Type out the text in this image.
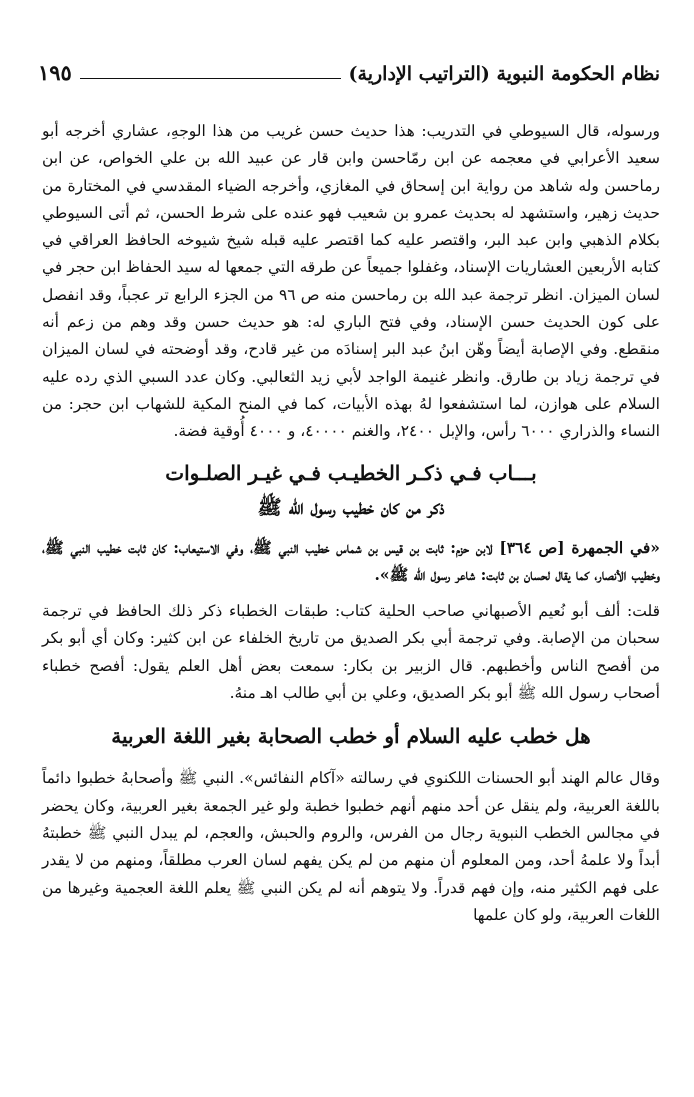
نظام الحكومة النبوية (التراتيب الإدارية)
١٩٥

ورسوله، قال السيوطي في التدريب: هذا حديث حسن غريب من هذا الوجهِ، عشاري أخرجه أبو سعيد الأعرابي في معجمه عن ابن رمّاحسن وابن قار عن عبيد الله بن علي الخواص، عن ابن رماحسن وله شاهد من رواية ابن إسحاق في المغازي، وأخرجه الضياء المقدسي في المختارة من حديث زهير، واستشهد له بحديث عمرو بن شعيب فهو عنده على شرط الحسن، ثم أتى السيوطي بكلام الذهبي وابن عبد البر، واقتصر عليه كما اقتصر عليه قبله شيخ شيوخه الحافظ العراقي في كتابه الأربعين العشاريات الإسناد، وغفلوا جميعاً عن طرقه التي جمعها له سيد الحفاظ ابن حجر في لسان الميزان. انظر ترجمة عبد الله بن رماحسن منه ص ٩٦ من الجزء الرابع تر عجباً، وقد انفصل على كون الحديث حسن الإسناد، وفي فتح الباري له: هو حديث حسن وقد وهم من زعم أنه منقطع. وفي الإصابة أيضاً وهّن ابنُ عبد البر إسنادَه من غير قادح، وقد أوضحته في لسان الميزان في ترجمة زياد بن طارق. وانظر غنيمة الواجد لأبي زيد الثعالبي. وكان عدد السبي الذي رده عليه السلام على هوازن، لما استشفعوا لهُ بهذه الأبيات، كما في المنح المكية للشهاب ابن حجر: من النساء والذراري ٦٠٠٠ رأس، والإبل ٢٤٠٠، والغنم ٤٠٠٠٠، و ٤٠٠٠ أُوقية فضة.

بـــاب فـي ذكـر الخطيـب فـي غيـر الصلـوات
ذكر من كان خطيب رسول الله ﷺ

«في الجمهرة [ص ٣٦٤] لابن حزم: ثابت بن قيس بن شماس خطيب النبي ﷺ، وفي الاستيعاب: كان ثابت خطيب النبي ﷺ، وخطيب الأنصار، كما يقال لحسان بن ثابت: شاعر رسول الله ﷺ».

قلت: ألف أبو نُعيم الأصبهاني صاحب الحلية كتاب: طبقات الخطباء ذكر ذلك الحافظ في ترجمة سحبان من الإصابة. وفي ترجمة أبي بكر الصديق من تاريخ الخلفاء عن ابن كثير: وكان أي أبو بكر من أفصح الناس وأخطبهم. قال الزبير بن بكار: سمعت بعض أهل العلم يقول: أفصح خطباء أصحاب رسول الله ﷺ أبو بكر الصديق، وعلي بن أبي طالب اهـ منهُ.

هل خطب عليه السلام أو خطب الصحابة بغير اللغة العربية

وقال عالم الهند أبو الحسنات اللكنوي في رسالته «آكام النفائس». النبي ﷺ وأصحابهُ خطبوا دائماً باللغة العربية، ولم ينقل عن أحد منهم أنهم خطبوا خطبة ولو غير الجمعة بغير العربية، وكان يحضر في مجالس الخطب النبوية رجال من الفرس، والروم والحبش، والعجم، لم يبدل النبي ﷺ خطبتهُ أبداً ولا علمهُ أحد، ومن المعلوم أن منهم من لم يكن يفهم لسان العرب مطلقاً، ومنهم من لا يقدر على فهم الكثير منه، وإن فهم قدراً. ولا يتوهم أنه لم يكن النبي ﷺ يعلم اللغة العجمية وغيرها من اللغات العربية، ولو كان علمها
